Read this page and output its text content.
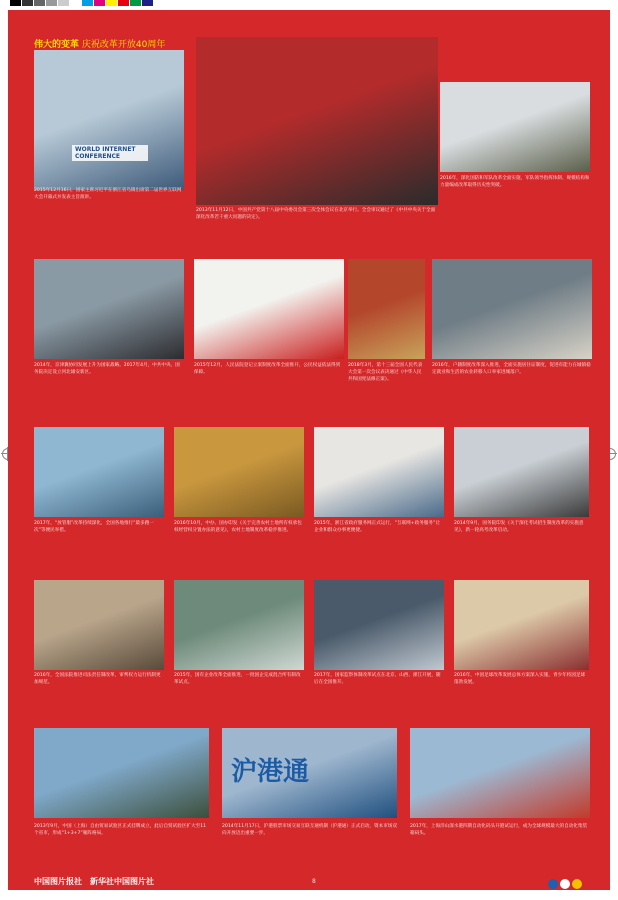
伟大的变革 庆祝改革开放40周年
WORLD INTERNET CONFERENCE
2015年12月16日，国家主席习近平在浙江省乌镇出席第二届世界互联网大会开幕式并发表主旨演讲。
2013年11月12日，中国共产党第十八届中央委员会第三次全体会议在北京举行。全会审议通过了《中共中央关于全面深化改革若干重大问题的决定》。
2016年，深化国防和军队改革全面实施，军队领导指挥体制、规模结构和力量编成改革取得历史性突破。
2014年，京津冀协同发展上升为国家战略。2017年4月，中共中央、国务院决定设立河北雄安新区。
2015年12月，人民法院登记立案制度改革全面推开，公民权益依法得到保障。
2018年3月，第十三届全国人民代表大会第一次会议表决通过《中华人民共和国宪法修正案》。
2016年，户籍制度改革深入推进，全面实施居住证制度，促进有能力在城镇稳定就业和生活的农业转移人口举家进城落户。
2017年，“放管服”改革持续深化，全国各地推行“最多跑一次”等便民举措。
2016年10月，中办、国办印发《关于完善农村土地所有权承包权经营权分置办法的意见》，农村土地制度改革稳步推进。
2015年，浙江省政府服务网正式运行，“互联网+政务服务”让企业和群众办事更便捷。
2014年9月，国务院印发《关于深化考试招生制度改革的实施意见》，新一轮高考改革启动。
2016年，全国法院推进司法责任制改革，审判权力运行机制更加规范。
2015年，国有企业改革全面推进，一批国企完成混合所有制改革试点。
2017年，国家监察体制改革试点在北京、山西、浙江开展，随后在全国推开。
2016年，中国足球改革发展总体方案深入实施，青少年校园足球蓬勃发展。
2013年9月，中国（上海）自由贸易试验区正式挂牌成立，此后自贸试验区扩大至11个省市，形成“1+3+7”雁阵格局。
沪港通
2014年11月17日，沪港股票市场交易互联互通机制（沪港通）正式启动，资本市场双向开放迈出重要一步。
2017年，上海洋山深水港四期自动化码头开港试运行，成为全球规模最大的自动化集装箱码头。
中国图片报社　新华社中国图片社	8
